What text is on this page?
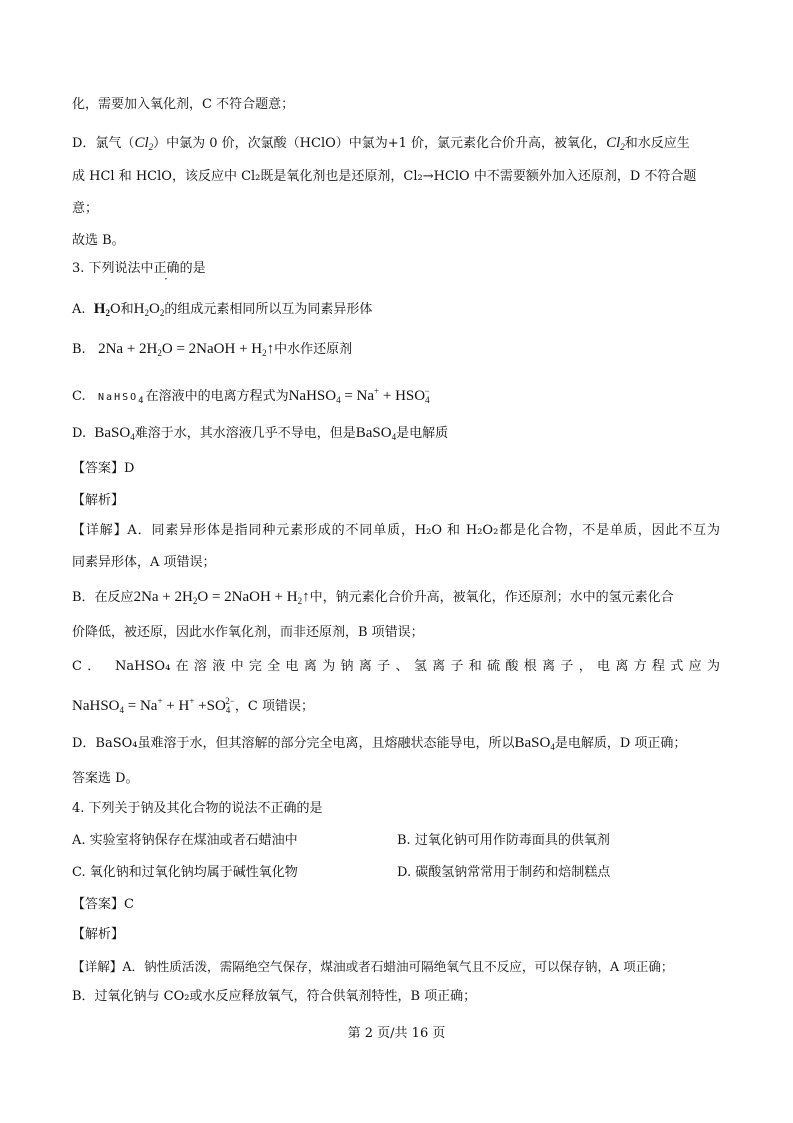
化，需要加入氧化剂，C 不符合题意；
D．氯气$(Cl_2)$中氯为 0 价，次氯酸（HClO）中氯为+1 价，氯元素化合价升高，被氧化，$Cl_2$和水反应生
成 HCl 和 HClO，该反应中 Cl₂既是氧化剂也是还原剂，Cl₂→HClO 中不需要额外加入还原剂，D 不符合题
意；
故选 B。
3. 下列说法中正确的是
A. $H_2O$和$H_2O_2$的组成元素相同所以互为同素异形体
B. $2Na + 2H_2O$ = 2NaOH + $H_2↑$中水作还原剂
C. NaHSO4在溶液中的电离方程式为NaHSO$_4$ = $Na^+ + HSO_4^-$
D. BaSO$_4$难溶于水，其水溶液几乎不导电，但是BaSO$_4$是电解质
【答案】D
【解析】
【详解】A．同素异形体是指同种元素形成的不同单质，H₂O 和 H₂O₂都是化合物，不是单质，因此不互为
同素异形体，A 项错误；
B．在反应$2Na + 2H_2O$ = 2NaOH + $H_2↑$中，钠元素化合价升高，被氧化，作还原剂；水中的氢元素化合
价降低，被还原，因此水作氧化剂，而非还原剂，B 项错误；
C． NaHSO₄在溶液中完全电离为钠离子、氢离子和硫酸根离子，电离方程式应为
NaHSO$_4$ = $Na^+ + H^+ +SO_4^{2-}$，C 项错误；
D．BaSO₄虽难溶于水，但其溶解的部分完全电离，且熔融状态能导电，所以BaSO$_4$是电解质，D 项正确；
答案选 D。
4. 下列关于钠及其化合物的说法不正确的是
A. 实验室将钠保存在煤油或者石蜡油中	B. 过氧化钠可用作防毒面具的供氧剂
C. 氧化钠和过氧化钠均属于碱性氧化物	D. 碳酸氢钠常常用于制药和焙制糕点
【答案】C
【解析】
【详解】A．钠性质活泼，需隔绝空气保存，煤油或者石蜡油可隔绝氧气且不反应，可以保存钠，A 项正确；
B．过氧化钠与 CO₂或水反应释放氧气，符合供氧剂特性，B 项正确；
第 2 页/共 16 页
